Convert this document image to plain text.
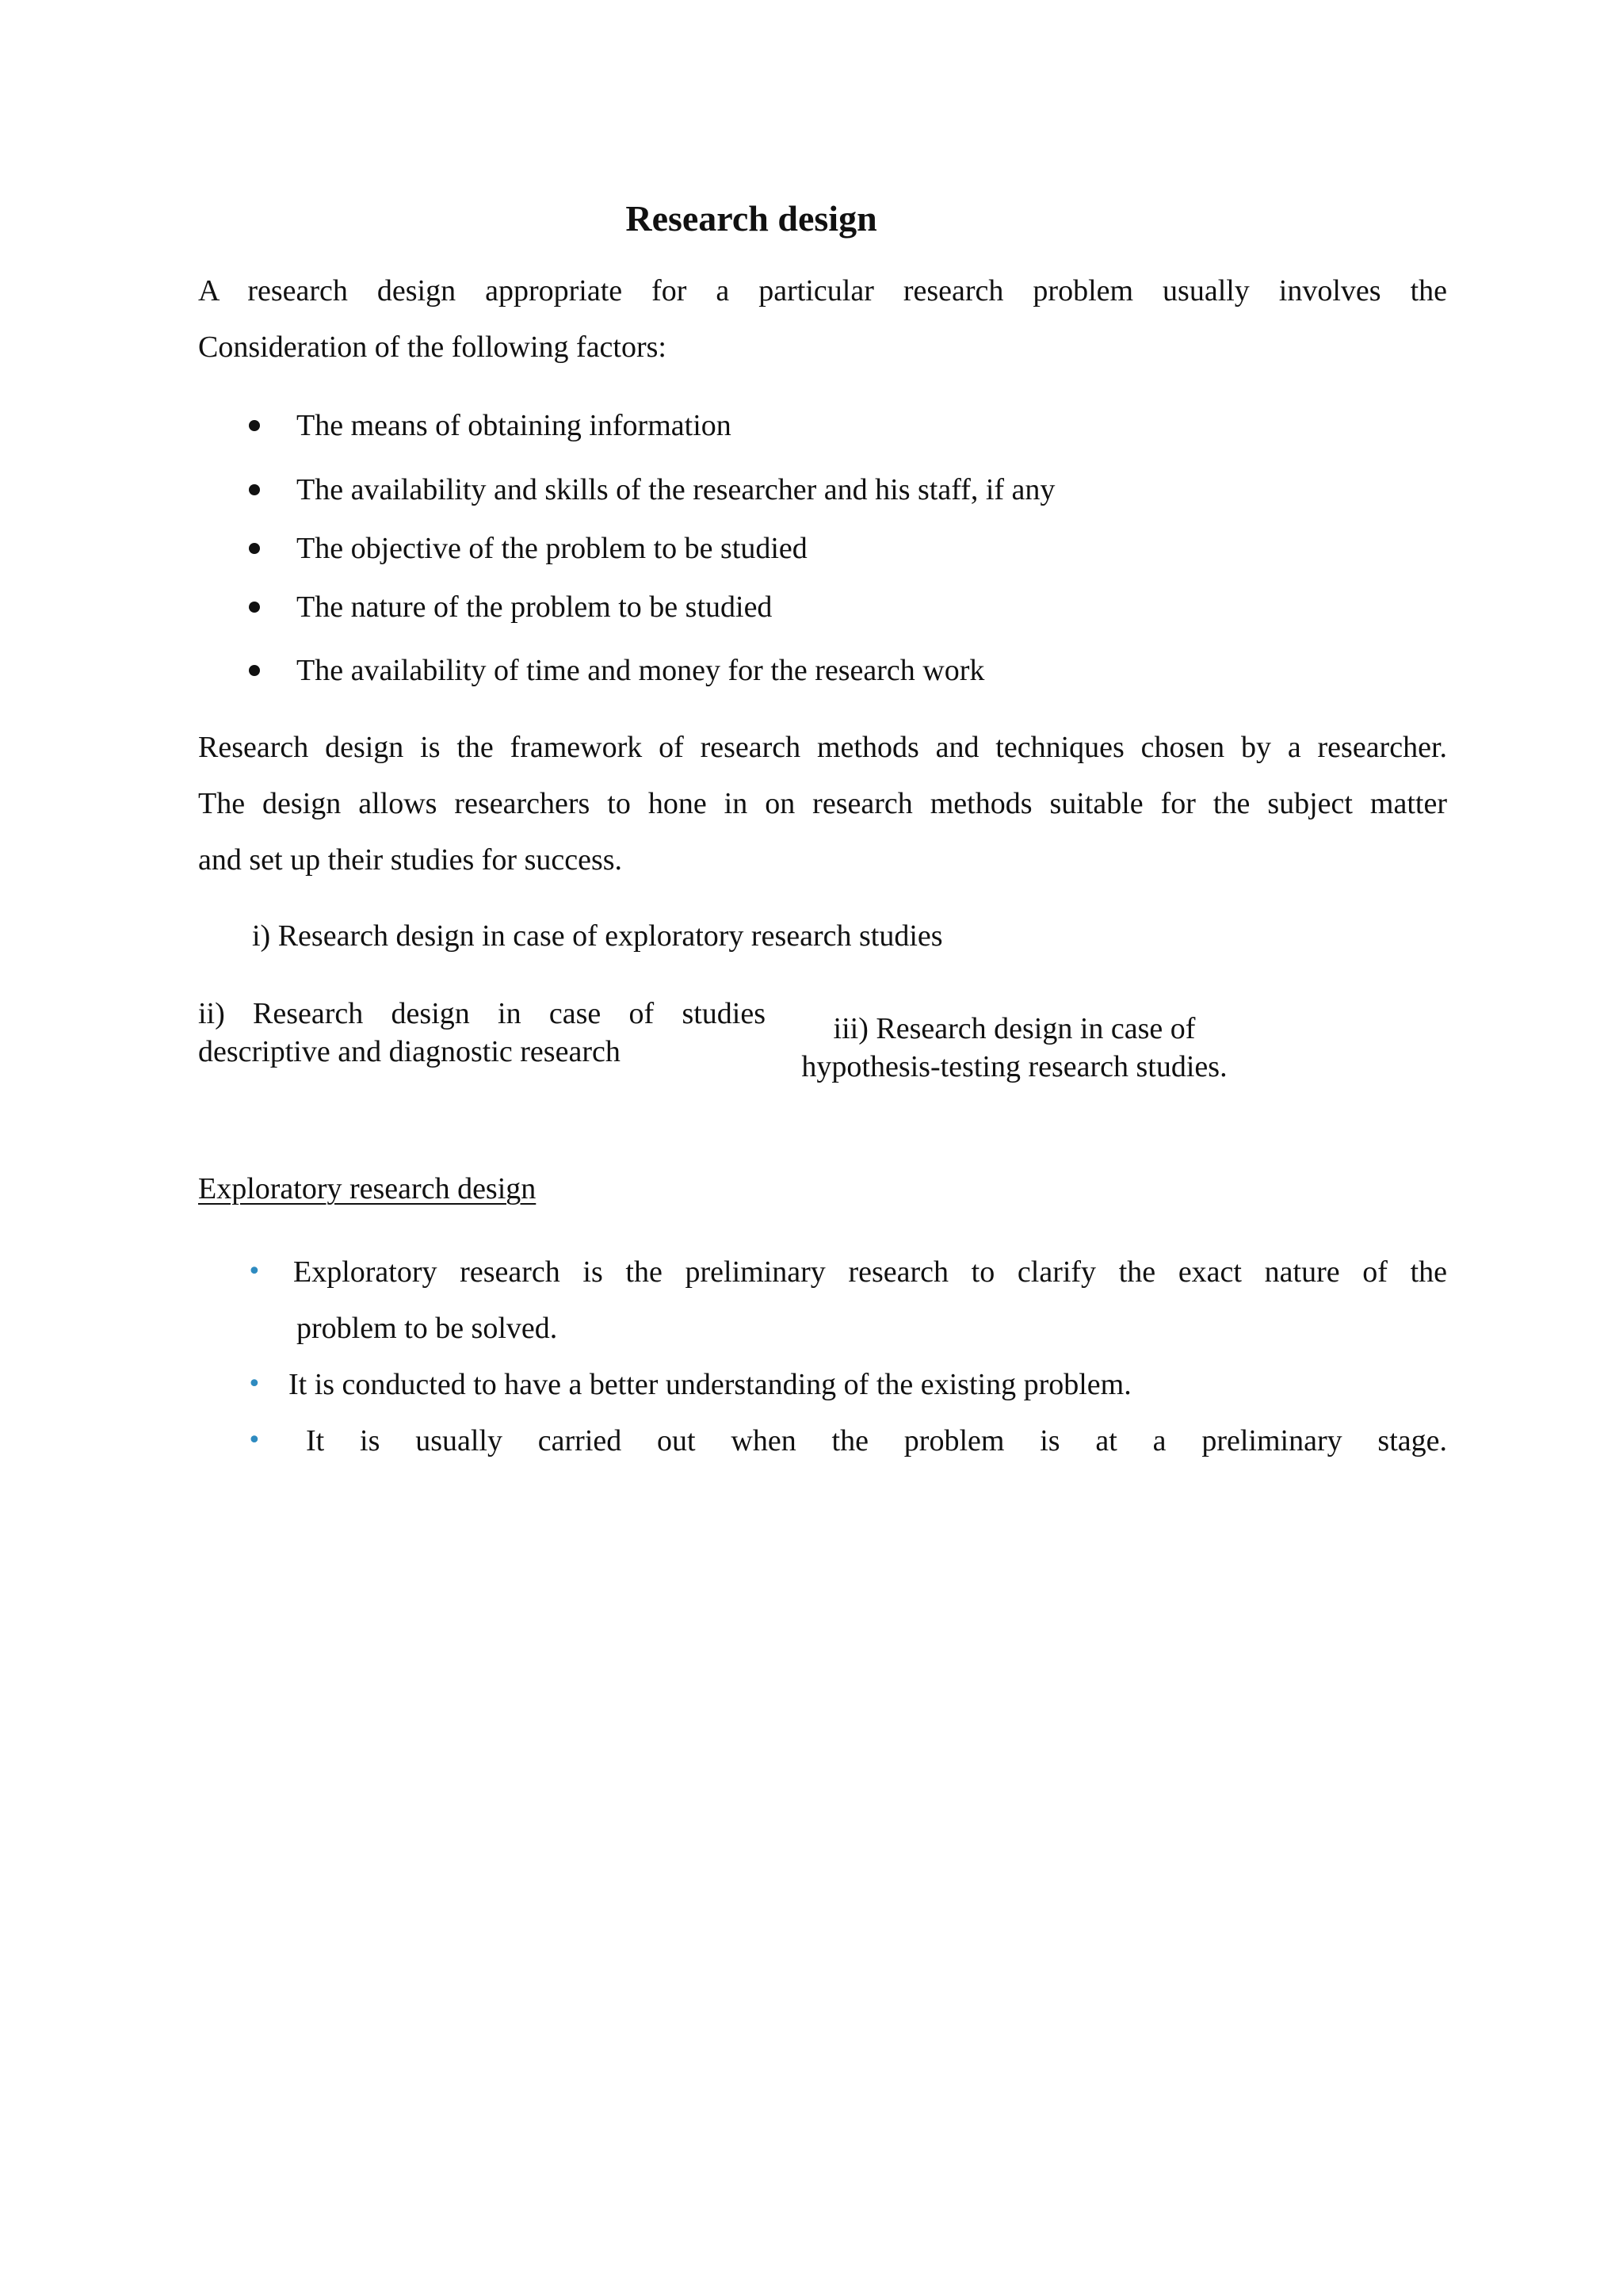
Research design
A research design appropriate for a particular research problem usually involves the
Consideration of the following factors:
The means of obtaining information
The availability and skills of the researcher and his staff, if any
The objective of the problem to be studied
The nature of the problem to be studied
The availability of time and money for the research work
Research design is the framework of research methods and techniques chosen by a researcher.
The design allows researchers to hone in on research methods suitable for the subject matter
and set up their studies for success.
i) Research design in case of exploratory research studies
ii) Research design in case of studies
descriptive and diagnostic research
iii) Research design in case of
hypothesis-testing research studies.
Exploratory research design
• Exploratory research is the preliminary research to clarify the exact nature of the
problem to be solved.
• It is conducted to have a better understanding of the existing problem.
• It is usually carried out when the problem is at a preliminary stage.
